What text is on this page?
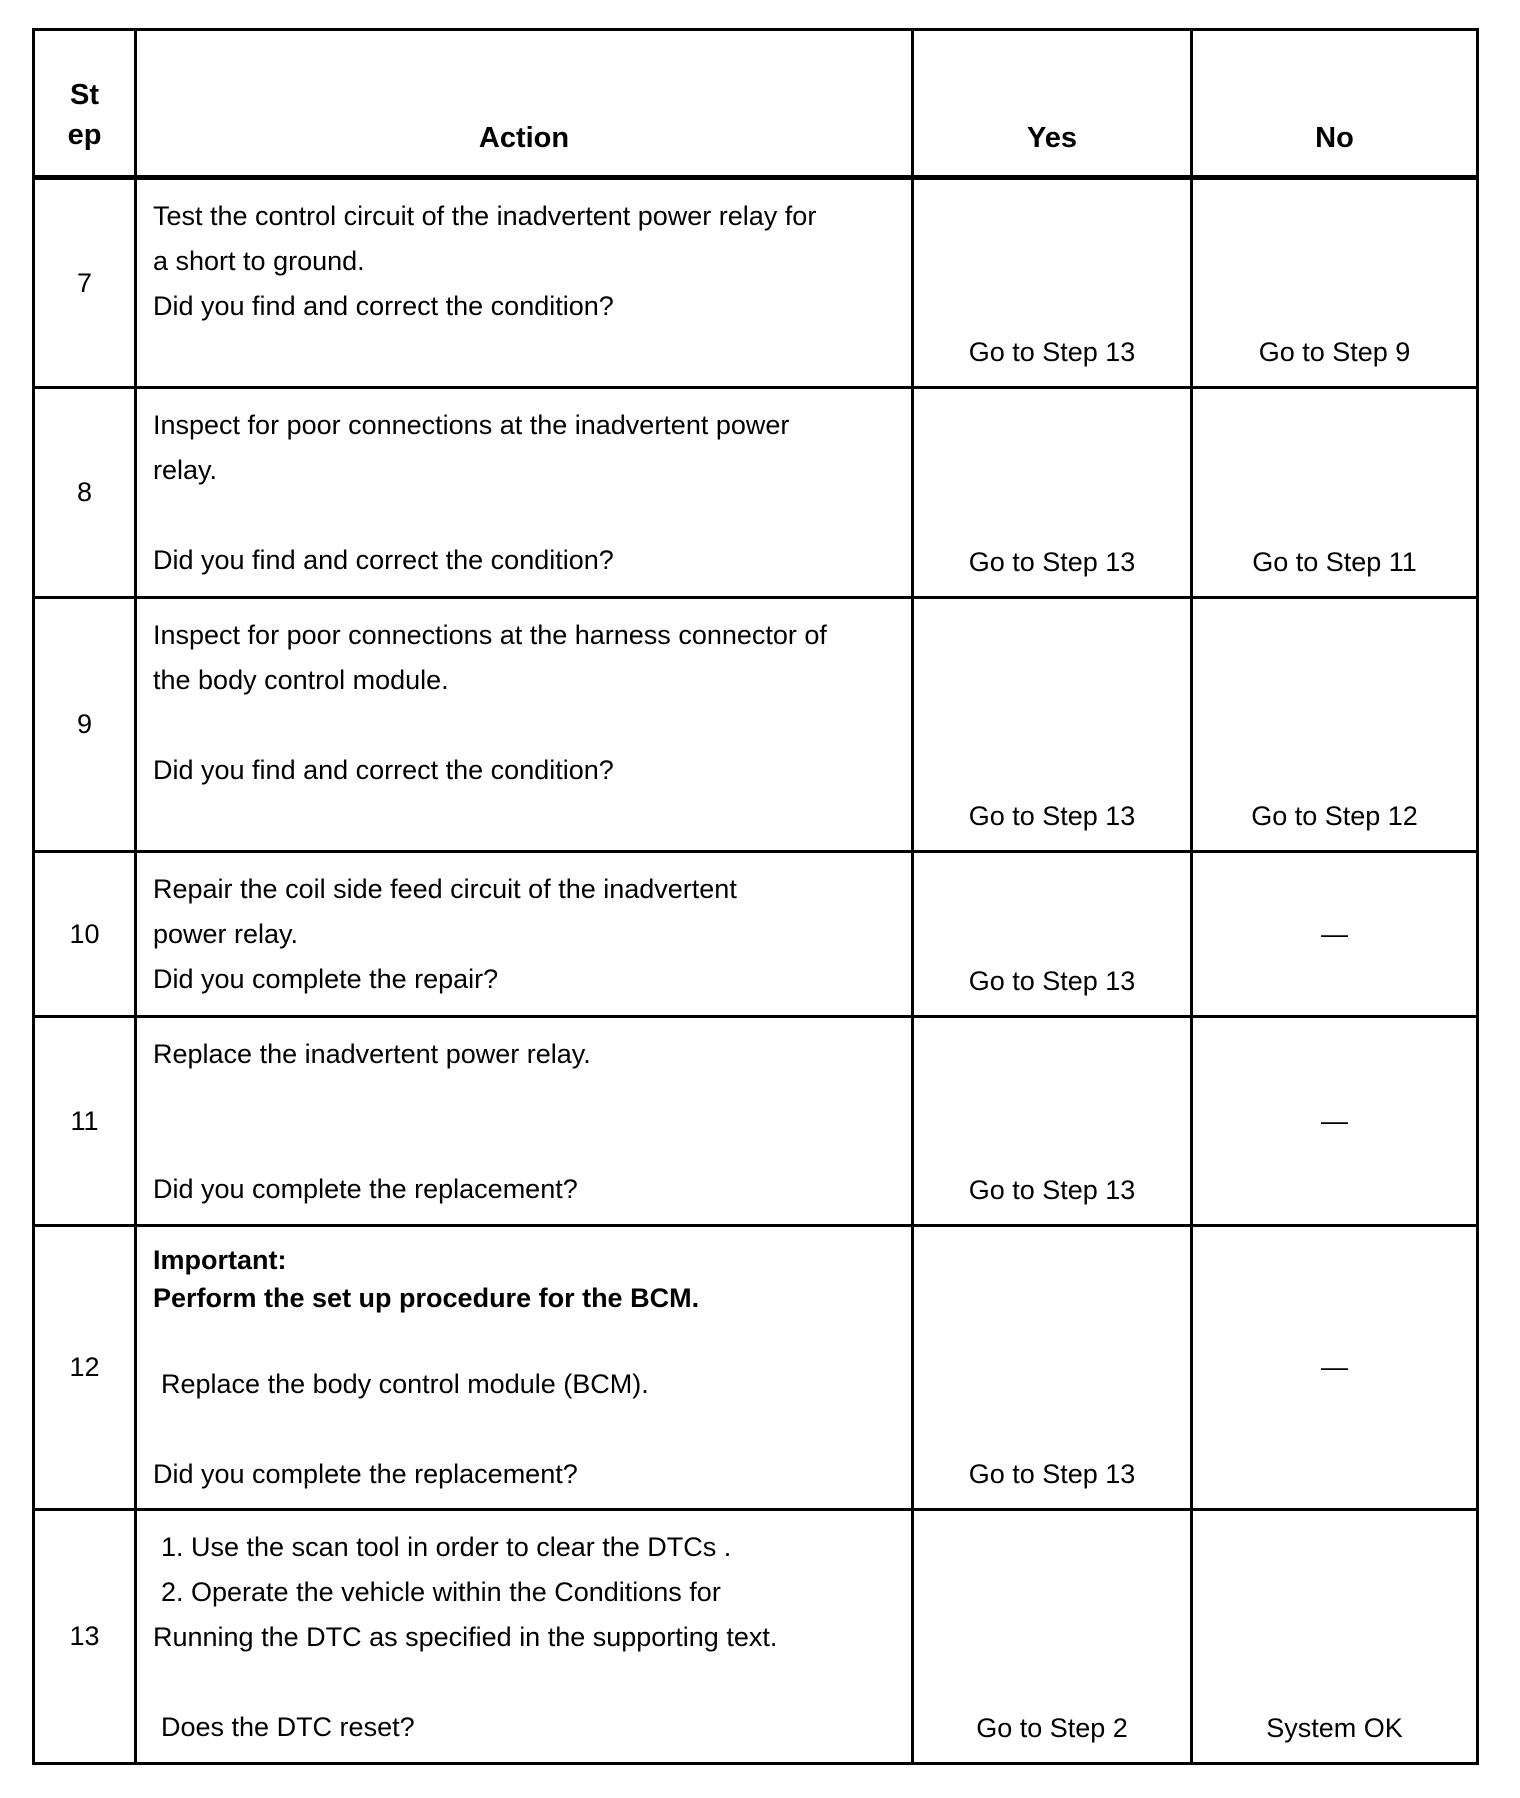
St
ep	Action	Yes	No
7	Test the control circuit of the inadvertent power relay for
a short to ground.
Did you find and correct the condition?	Go to Step 13	Go to Step 9
8	Inspect for poor connections at the inadvertent power
relay.
Did you find and correct the condition?	Go to Step 13	Go to Step 11
9	Inspect for poor connections at the harness connector of
the body control module.
Did you find and correct the condition?	Go to Step 13	Go to Step 12
10	Repair the coil side feed circuit of the inadvertent
power relay.
Did you complete the repair?	Go to Step 13	—
11	Replace the inadvertent power relay.
Did you complete the replacement?	Go to Step 13	—
12	Important:
Perform the set up procedure for the BCM.
Replace the body control module (BCM).
Did you complete the replacement?	Go to Step 13	—
13	1. Use the scan tool in order to clear the DTCs .
2. Operate the vehicle within the Conditions for
Running the DTC as specified in the supporting text.
Does the DTC reset?	Go to Step 2	System OK
